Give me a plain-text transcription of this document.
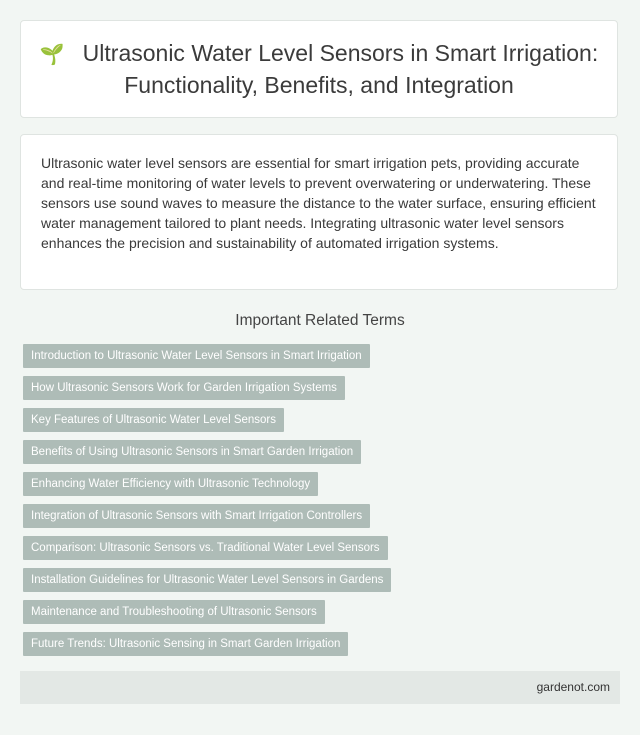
🌱 Ultrasonic Water Level Sensors in Smart Irrigation: Functionality, Benefits, and Integration

Ultrasonic water level sensors are essential for smart irrigation pets, providing accurate and real-time monitoring of water levels to prevent overwatering or underwatering. These sensors use sound waves to measure the distance to the water surface, ensuring efficient water management tailored to plant needs. Integrating ultrasonic water level sensors enhances the precision and sustainability of automated irrigation systems.

Important Related Terms
Introduction to Ultrasonic Water Level Sensors in Smart Irrigation
How Ultrasonic Sensors Work for Garden Irrigation Systems
Key Features of Ultrasonic Water Level Sensors
Benefits of Using Ultrasonic Sensors in Smart Garden Irrigation
Enhancing Water Efficiency with Ultrasonic Technology
Integration of Ultrasonic Sensors with Smart Irrigation Controllers
Comparison: Ultrasonic Sensors vs. Traditional Water Level Sensors
Installation Guidelines for Ultrasonic Water Level Sensors in Gardens
Maintenance and Troubleshooting of Ultrasonic Sensors
Future Trends: Ultrasonic Sensing in Smart Garden Irrigation
gardenot.com
